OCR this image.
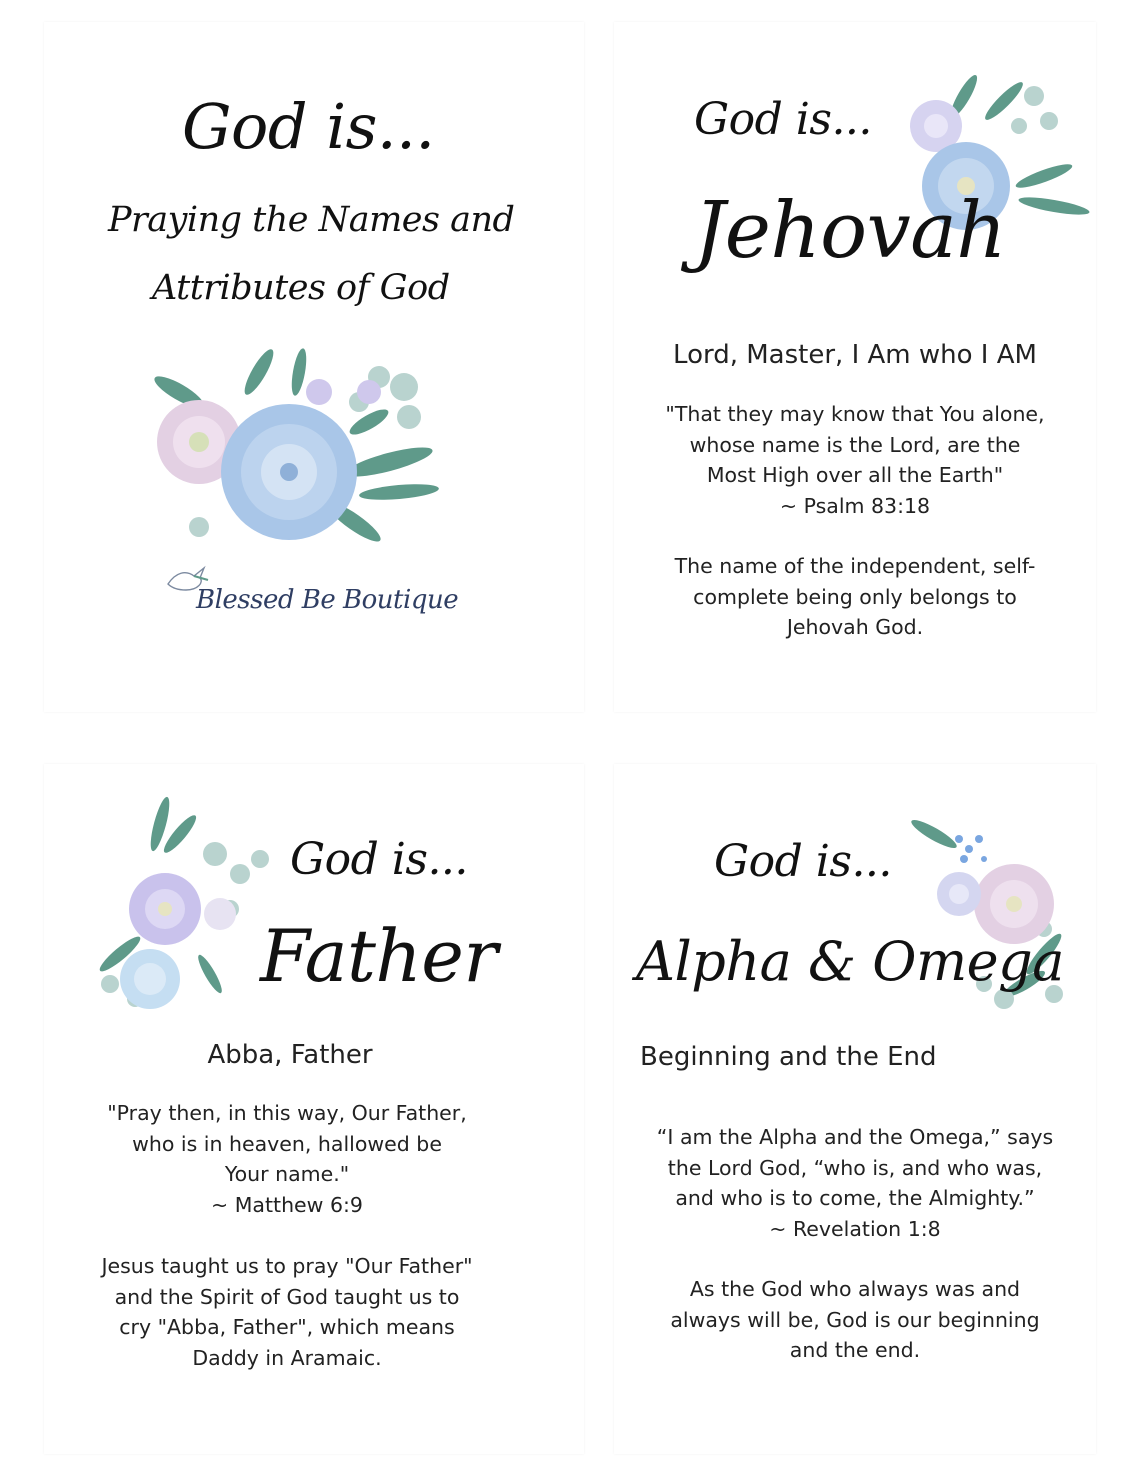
God is...
Praying the Names and
Attributes of God
Blessed Be Boutique
God is...
Jehovah
Lord, Master, I Am who I AM
"That they may know that You alone,
whose name is the Lord, are the
Most High over all the Earth"
~ Psalm 83:18
The name of the independent, self-
complete being only belongs to
Jehovah God.
God is...
Father
Abba, Father
"Pray then, in this way, Our Father,
who is in heaven, hallowed be
Your name."
~ Matthew 6:9
Jesus taught us to pray "Our Father"
and the Spirit of God taught us to
cry "Abba, Father", which means
Daddy in Aramaic.
God is...
Alpha & Omega
Beginning and the End
“I am the Alpha and the Omega,” says
the Lord God, “who is, and who was,
and who is to come, the Almighty.”
~ Revelation 1:8
As the God who always was and
always will be, God is our beginning
and the end.
